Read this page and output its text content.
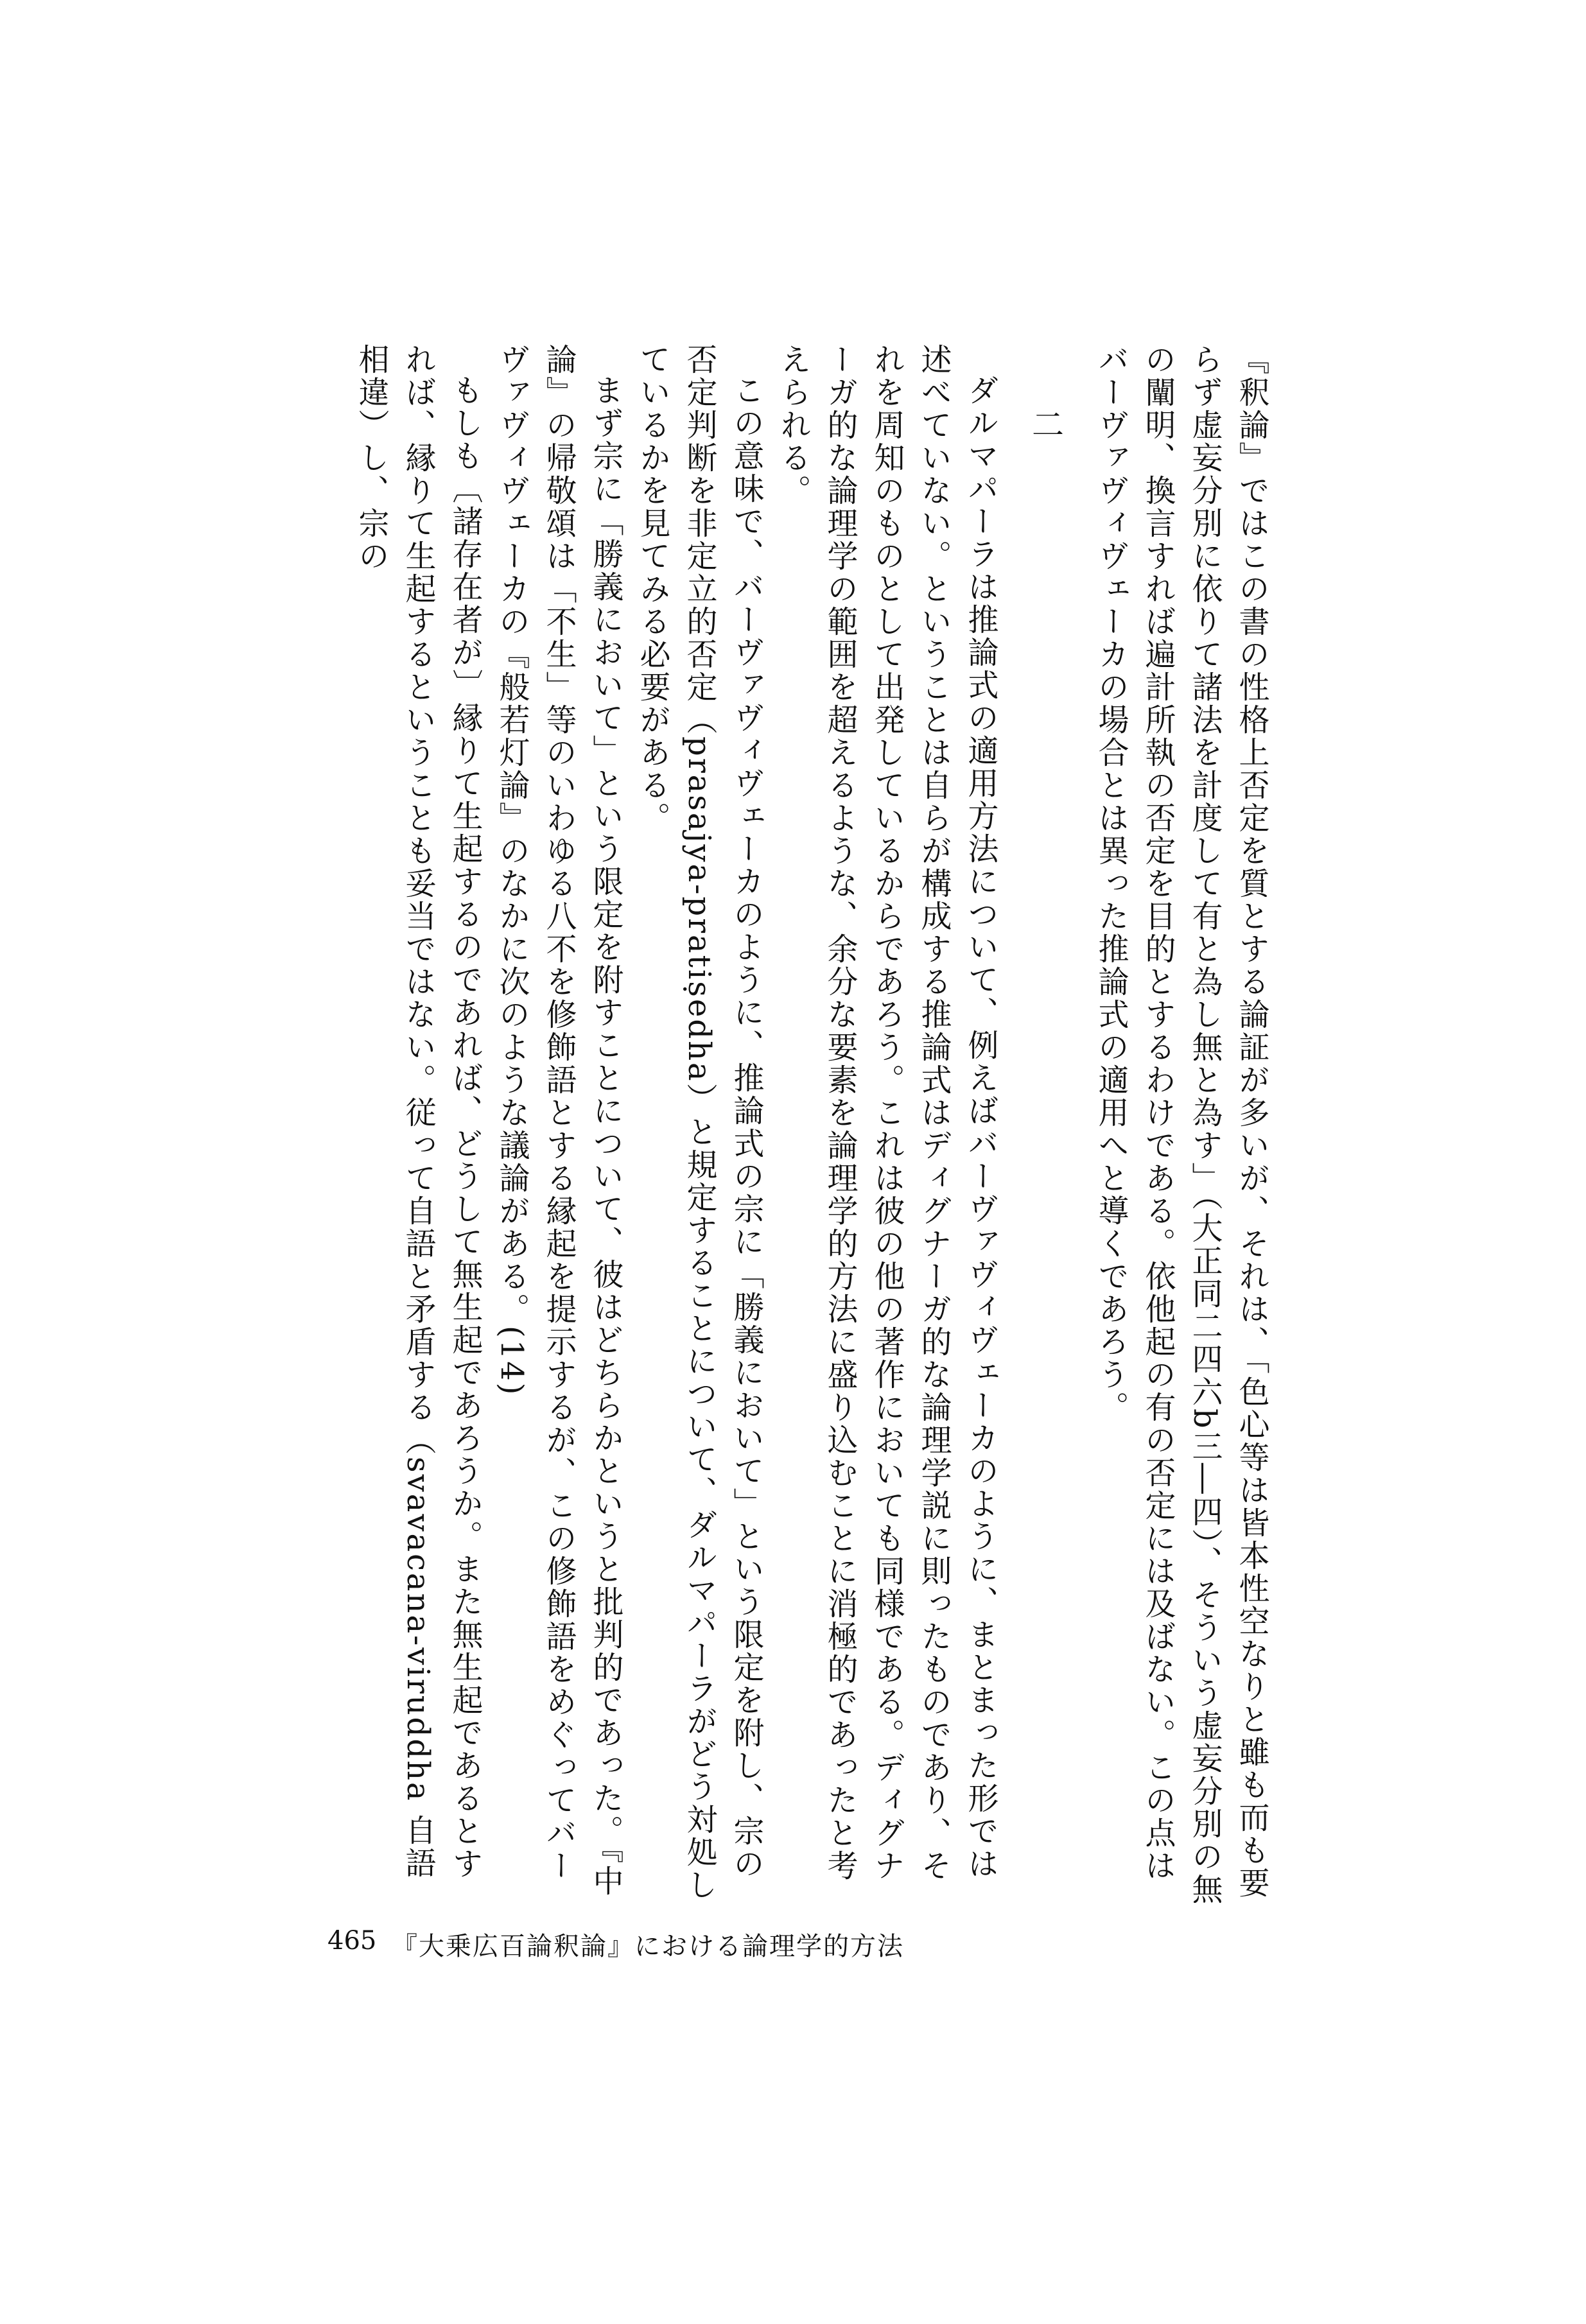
『釈論』ではこの書の性格上否定を質とする論証が多いが、それは、「色心等は皆本性空なりと雖も而も要らず虚妄分別に依りて諸法を計度して有と為し無と為す」（大正同二四六b三―四）、そういう虚妄分別の無の闡明、換言すれば遍計所執の否定を目的とするわけである。依他起の有の否定には及ばない。この点はバーヴァヴィヴェーカの場合とは異った推論式の適用へと導くであろう。

二

ダルマパーラは推論式の適用方法について、例えばバーヴァヴィヴェーカのように、まとまった形では述べていない。ということは自らが構成する推論式はディグナーガ的な論理学説に則ったものであり、それを周知のものとして出発しているからであろう。これは彼の他の著作においても同様である。ディグナーガ的な論理学の範囲を超えるような、余分な要素を論理学的方法に盛り込むことに消極的であったと考えられる。

この意味で、バーヴァヴィヴェーカのように、推論式の宗に「勝義において」という限定を附し、宗の否定判断を非定立的否定（prasajya-pratiṣedha）と規定することについて、ダルマパーラがどう対処しているかを見てみる必要がある。

まず宗に「勝義において」という限定を附すことについて、彼はどちらかというと批判的であった。『中論』の帰敬頌は「不生」等のいわゆる八不を修飾語とする縁起を提示するが、この修飾語をめぐってバーヴァヴィヴェーカの『般若灯論』のなかに次のような議論がある。(14)

もしも〔諸存在者が〕縁りて生起するのであれば、どうして無生起であろうか。また無生起であるとすれば、縁りて生起するということも妥当ではない。従って自語と矛盾する（svavacana-viruddha 自語相違）し、宗の

465 『大乗広百論釈論』における論理学的方法
